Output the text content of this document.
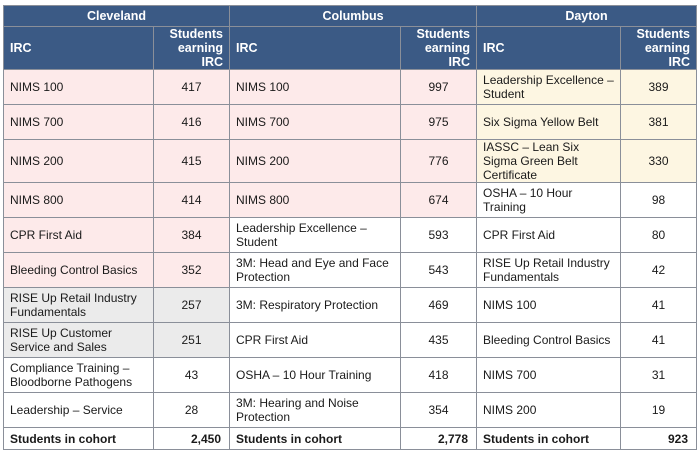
Cleveland		Columbus		Dayton	
IRC	Students earning IRC	IRC	Students earning IRC	IRC	Students earning IRC
NIMS 100	417	NIMS 100	997	Leadership Excellence – Student	389
NIMS 700	416	NIMS 700	975	Six Sigma Yellow Belt	381
NIMS 200	415	NIMS 200	776	IASSC – Lean Six Sigma Green Belt Certificate	330
NIMS 800	414	NIMS 800	674	OSHA – 10 Hour Training	98
CPR First Aid	384	Leadership Excellence – Student	593	CPR First Aid	80
Bleeding Control Basics	352	3M: Head and Eye and Face Protection	543	RISE Up Retail Industry Fundamentals	42
RISE Up Retail Industry Fundamentals	257	3M: Respiratory Protection	469	NIMS 100	41
RISE Up Customer Service and Sales	251	CPR First Aid	435	Bleeding Control Basics	41
Compliance Training – Bloodborne Pathogens	43	OSHA – 10 Hour Training	418	NIMS 700	31
Leadership – Service	28	3M: Hearing and Noise Protection	354	NIMS 200	19
Students in cohort	2,450	Students in cohort	2,778	Students in cohort	923
